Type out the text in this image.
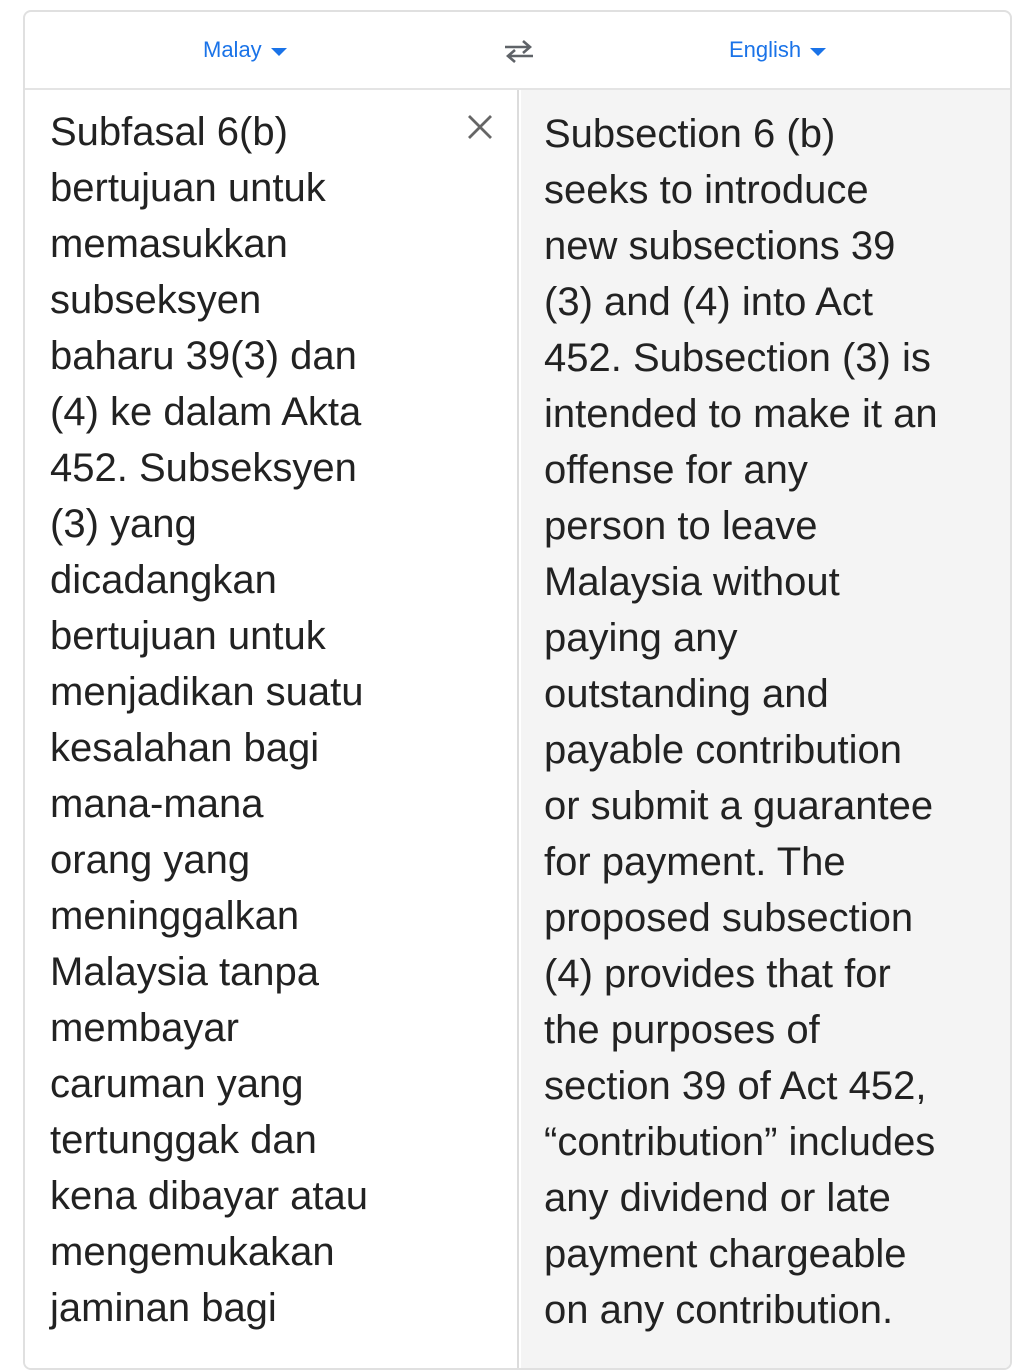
Malay	English

Subfasal 6(b)
bertujuan untuk
memasukkan
subseksyen
baharu 39(3) dan
(4) ke dalam Akta
452. Subseksyen
(3) yang
dicadangkan
bertujuan untuk
menjadikan suatu
kesalahan bagi
mana-mana
orang yang
meninggalkan
Malaysia tanpa
membayar
caruman yang
tertunggak dan
kena dibayar atau
mengemukakan
jaminan bagi

Subsection 6 (b)
seeks to introduce
new subsections 39
(3) and (4) into Act
452. Subsection (3) is
intended to make it an
offense for any
person to leave
Malaysia without
paying any
outstanding and
payable contribution
or submit a guarantee
for payment. The
proposed subsection
(4) provides that for
the purposes of
section 39 of Act 452,
“contribution” includes
any dividend or late
payment chargeable
on any contribution.
